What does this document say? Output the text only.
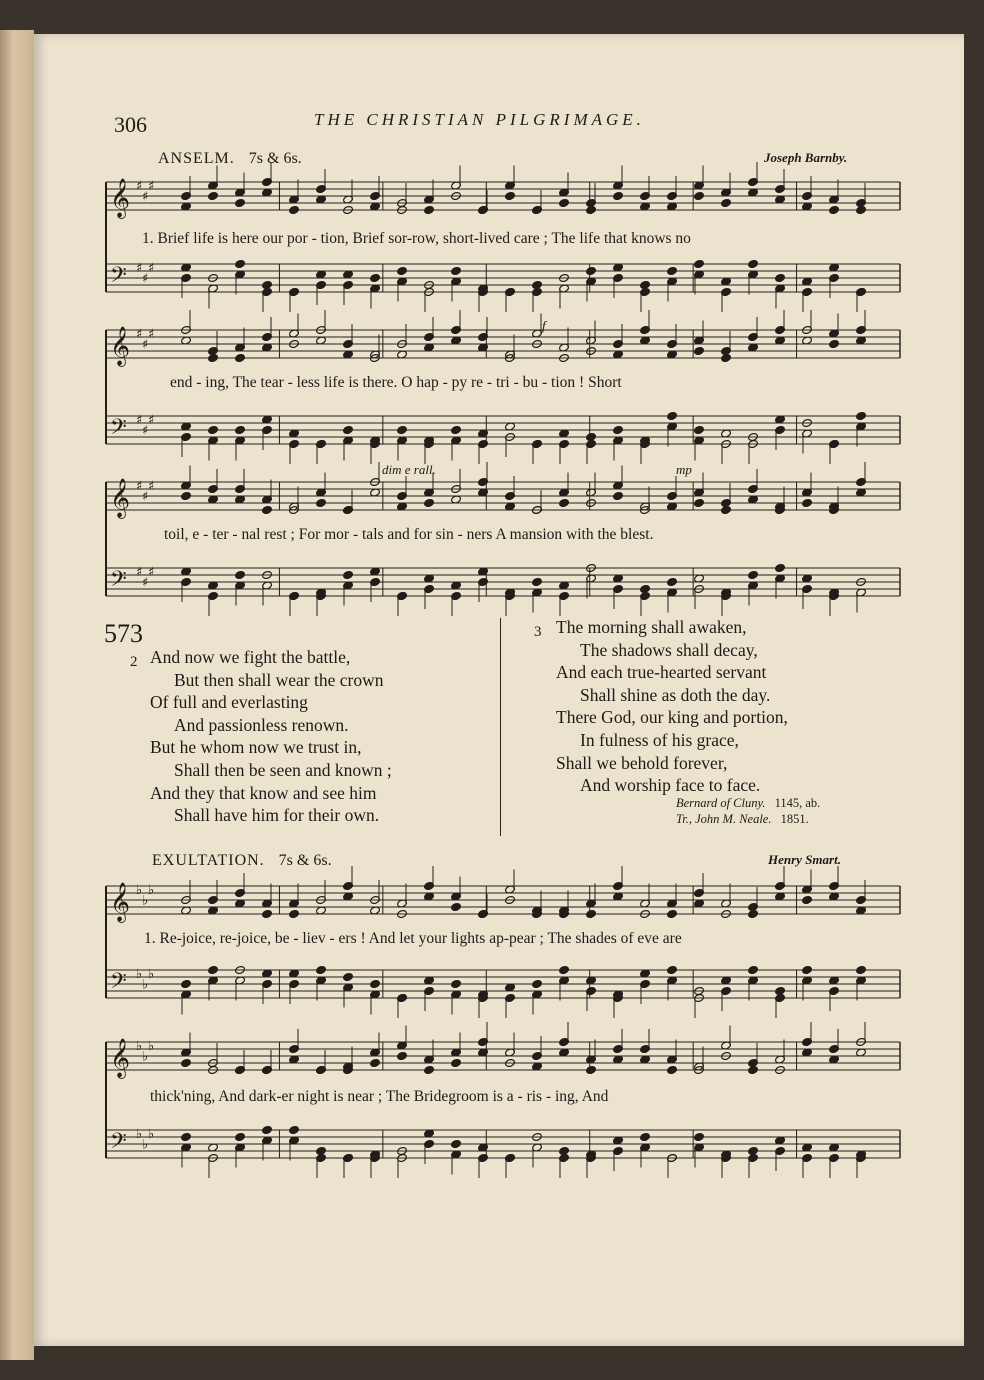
306	THE CHRISTIAN PILGRIMAGE.
ANSELM. 7s & 6s.	Joseph Barnby.
𝄞 ♯
♯
♯
𝄢 ♯
♯
♯
𝄞 ♯
♯
♯
𝄢 ♯
♯
♯
𝄞 ♯
♯
♯
𝄢 ♯
♯
♯
𝄞 ♭
♭
♭
𝄢 ♭
♭
♭
𝄞 ♭
♭
♭
𝄢 ♭
♭
♭
1. Brief life is here our por - tion, Brief sor-row, short-lived care ; The life that knows no
f
end - ing, The tear - less life is there. O hap - py re - tri - bu - tion ! Short
dim e rall.	mp
toil, e - ter - nal rest ; For mor - tals and for sin - ners A mansion with the blest.
573
2 And now we fight the battle,
But then shall wear the crown
Of full and everlasting
And passionless renown.
But he whom now we trust in,
Shall then be seen and known ;
And they that know and see him
Shall have him for their own.
3 The morning shall awaken,
The shadows shall decay,
And each true-hearted servant
Shall shine as doth the day.
There God, our king and portion,
In fulness of his grace,
Shall we behold forever,
And worship face to face.
Bernard of Cluny. 1145, ab.
Tr., John M. Neale. 1851.
EXULTATION. 7s & 6s.	Henry Smart.
1. Re-joice, re-joice, be - liev - ers ! And let your lights ap-pear ; The shades of eve are
thick'ning, And dark-er night is near ; The Bridegroom is a - ris - ing, And
